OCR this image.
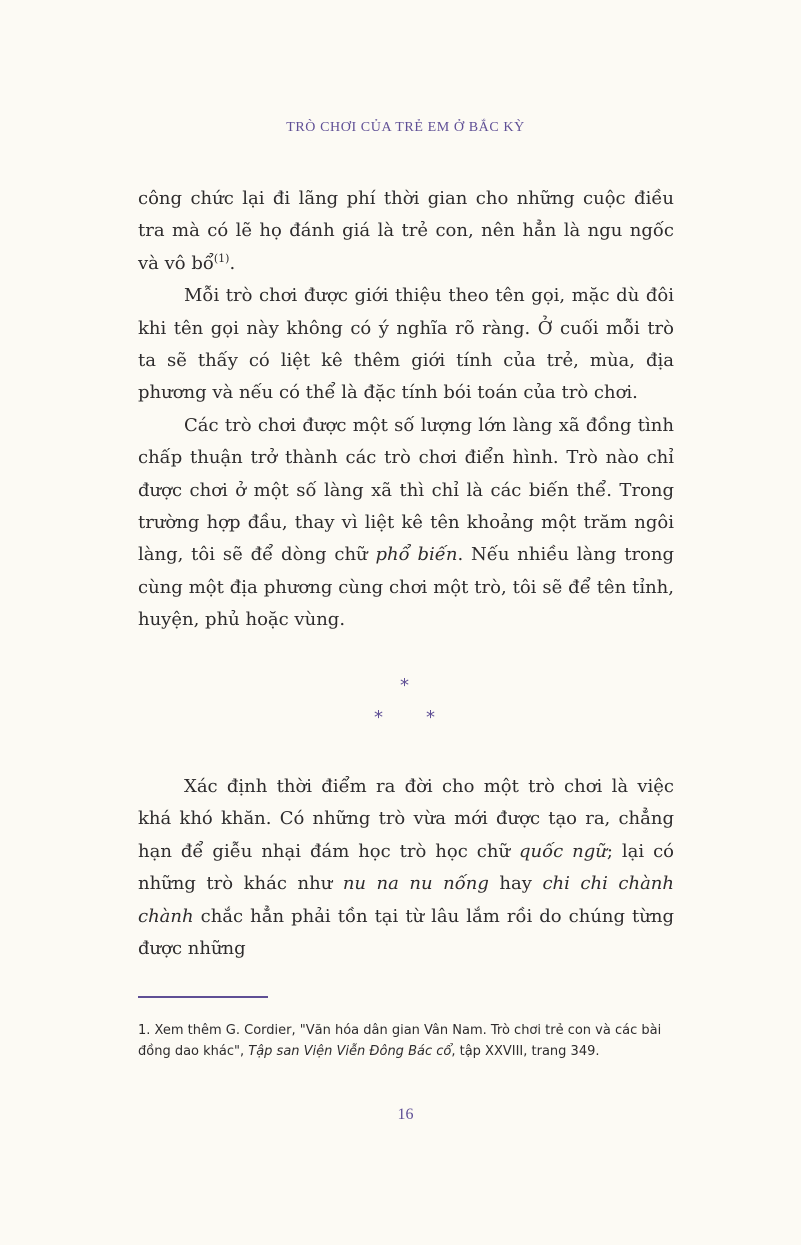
TRÒ CHƠI CỦA TRẺ EM Ở BẮC KỲ

công chức lại đi lãng phí thời gian cho những cuộc điều tra mà có lẽ họ đánh giá là trẻ con, nên hẳn là ngu ngốc và vô bổ$^{(1)}$.

Mỗi trò chơi được giới thiệu theo tên gọi, mặc dù đôi khi tên gọi này không có ý nghĩa rõ ràng. Ở cuối mỗi trò ta sẽ thấy có liệt kê thêm giới tính của trẻ, mùa, địa phương và nếu có thể là đặc tính bói toán của trò chơi.

Các trò chơi được một số lượng lớn làng xã đồng tình chấp thuận trở thành các trò chơi điển hình. Trò nào chỉ được chơi ở một số làng xã thì chỉ là các biến thể. Trong trường hợp đầu, thay vì liệt kê tên khoảng một trăm ngôi làng, tôi sẽ để dòng chữ phổ biến. Nếu nhiều làng trong cùng một địa phương cùng chơi một trò, tôi sẽ để tên tỉnh, huyện, phủ hoặc vùng.

*
* *

Xác định thời điểm ra đời cho một trò chơi là việc khá khó khăn. Có những trò vừa mới được tạo ra, chẳng hạn để giễu nhại đám học trò học chữ quốc ngữ; lại có những trò khác như nu na nu nống hay chi chi chành chành chắc hẳn phải tồn tại từ lâu lắm rồi do chúng từng được những

1. Xem thêm G. Cordier, "Văn hóa dân gian Vân Nam. Trò chơi trẻ con và các bài đồng dao khác", Tập san Viện Viễn Đông Bác cổ, tập XXVIII, trang 349.
16
